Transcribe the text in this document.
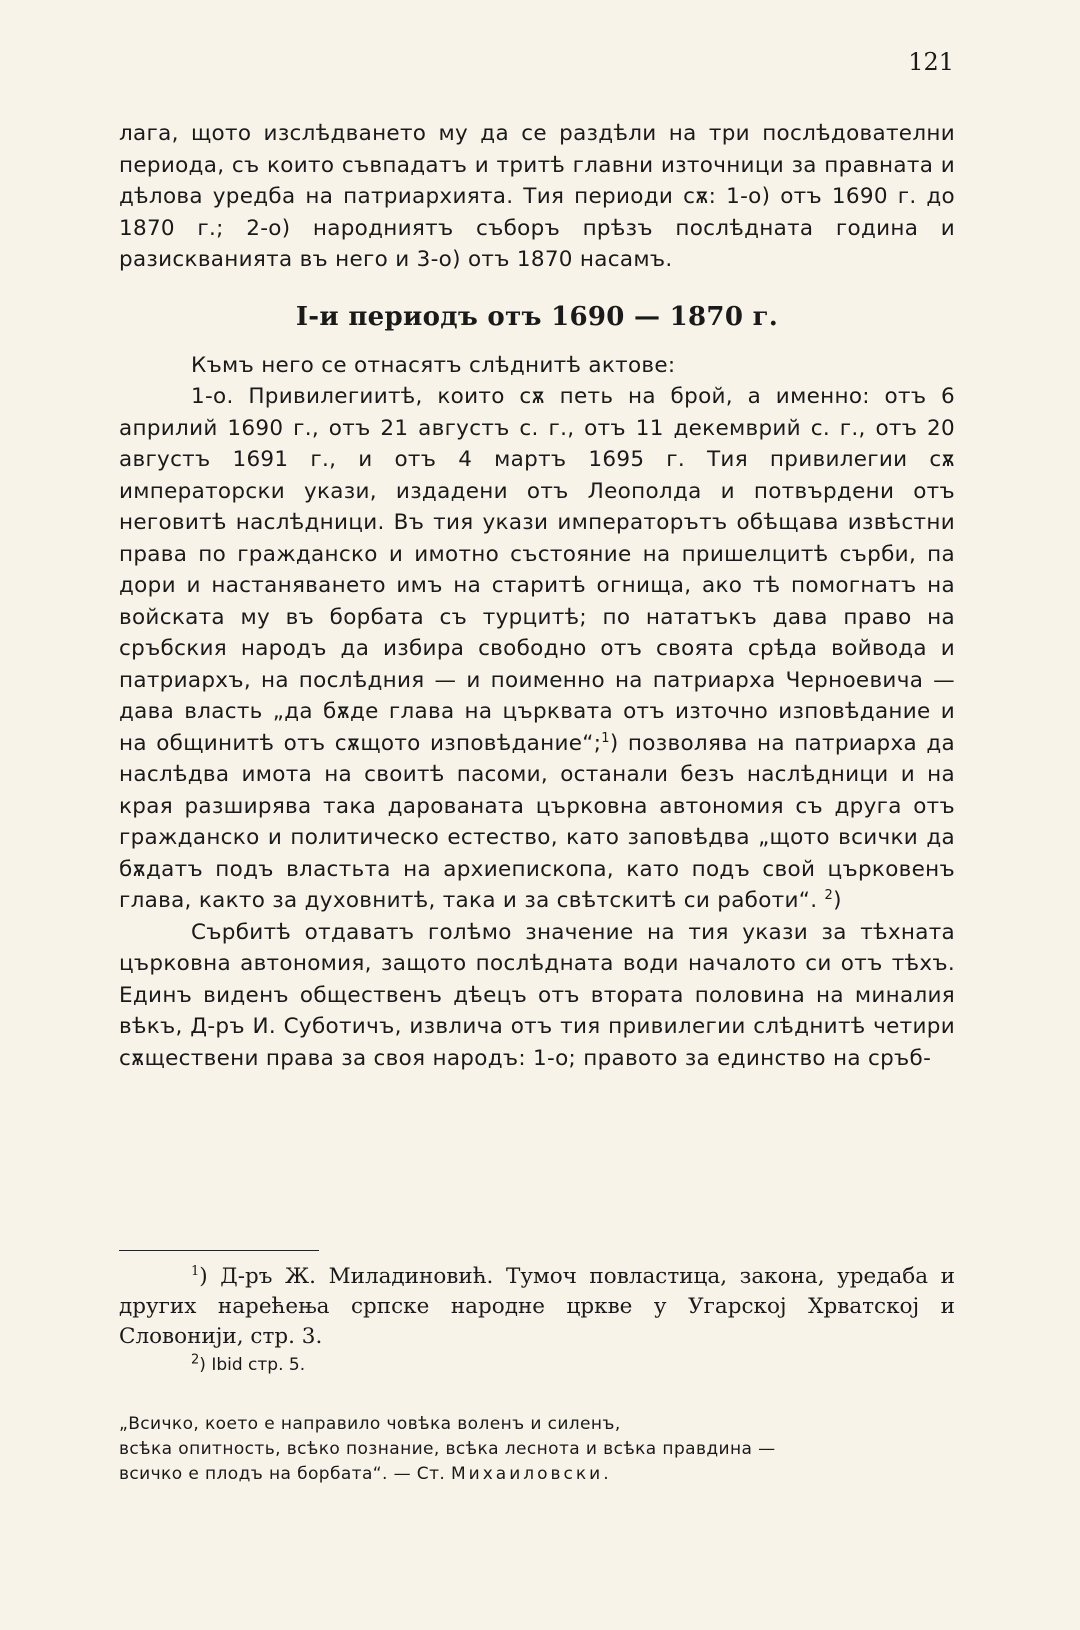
121

лага, щото изслѣдването му да се раздѣли на три послѣдователни периода, съ които съвпадатъ и тритѣ главни източници за правната и дѣлова уредба на патриархията. Тия периоди сѫ: 1-о) отъ 1690 г. до 1870 г.; 2-о) народниятъ съборъ прѣзъ послѣдната година и разискванията въ него и 3-о) отъ 1870 насамъ.

I-и периодъ отъ 1690 — 1870 г.

Къмъ него се отнасятъ слѣднитѣ актове:

1-о. Привилегиитѣ, които сѫ петь на брой, а именно: отъ 6 априлий 1690 г., отъ 21 августъ с. г., отъ 11 декемврий с. г., отъ 20 августъ 1691 г., и отъ 4 мартъ 1695 г. Тия привилегии сѫ императорски укази, издадени отъ Леополда и потвърдени отъ неговитѣ наслѣдници. Въ тия укази императорътъ обѣщава извѣстни права по гражданско и имотно състояние на пришелцитѣ сърби, па дори и настаняването имъ на старитѣ огнища, ако тѣ помогнатъ на войската му въ борбата съ турцитѣ; по нататъкъ дава право на сръбския народъ да избира свободно отъ своята срѣда войвода и патриархъ, на послѣдния — и поименно на патриарха Черноевича — дава власть „да бѫде глава на църквата отъ източно изповѣдание и на общинитѣ отъ сѫщото изповѣдание“;$^1$) позволява на патриарха да наслѣдва имота на своитѣ пасоми, останали безъ наслѣдници и на края разширява така дарованата църковна автономия съ друга отъ гражданско и политическо естество, като заповѣдва „щото всички да бѫдатъ подъ властьта на архиепископа, като подъ свой църковенъ глава, както за духовнитѣ, така и за свѣтскитѣ си работи“. $^2$)

Сърбитѣ отдаватъ голѣмо значение на тия укази за тѣхната църковна автономия, защото послѣдната води началото си отъ тѣхъ. Единъ виденъ общественъ дѣецъ отъ втората половина на миналия вѣкъ, Д-ръ И. Суботичъ, извлича отъ тия привилегии слѣднитѣ четири сѫществени права за своя народъ: 1-о; правото за единство на сръб-

$^1$) Д-ръ Ж. Миладиновић. Тумоч повластица, закона, уредаба и других нарећења српске народне цркве у Угарској Хрватској и Словонији, стр. 3.

$^2$) Ibid стр. 5.

„Всичко, което е направило човѣка воленъ и силенъ,
всѣка опитность, всѣко познание, всѣка леснота и всѣка правдина —
всичко е плодъ на борбата“. — Ст. Михаиловски.
